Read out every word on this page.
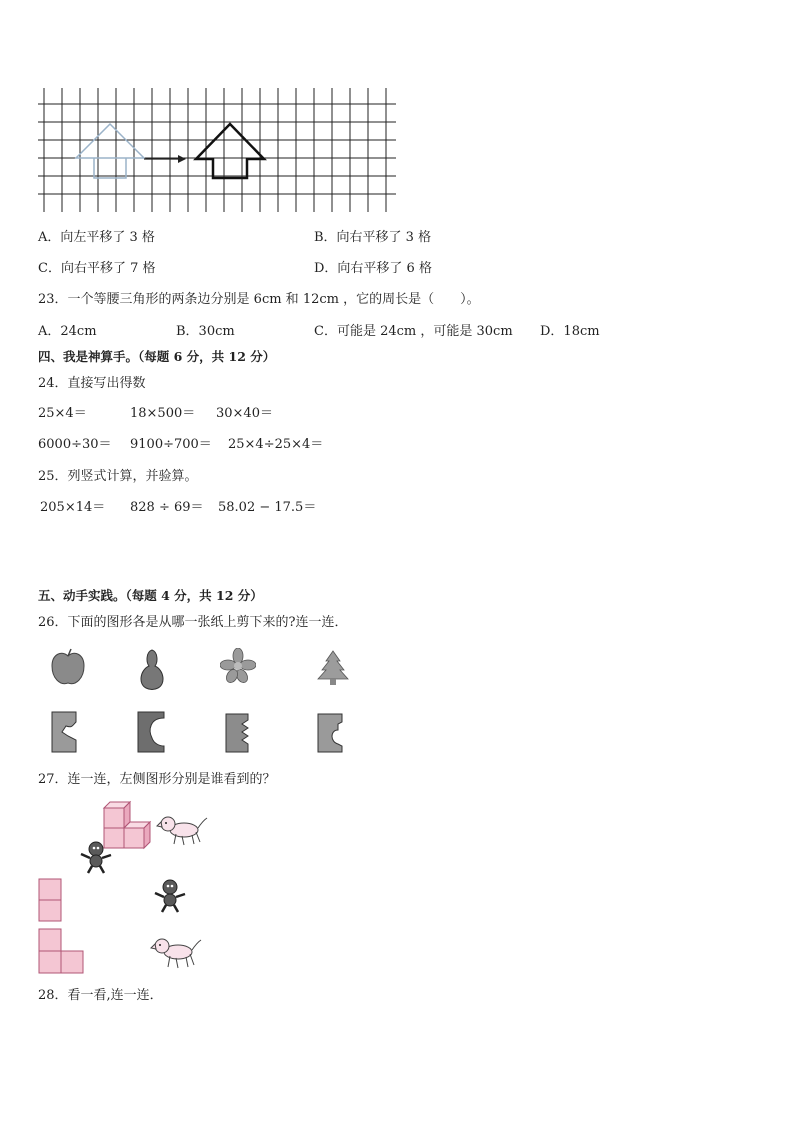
A．向左平移了 3 格	B．向右平移了 3 格
C．向右平移了 7 格	D．向右平移了 6 格
23．一个等腰三角形的两条边分别是 6cm 和 12cm ，它的周长是（　　）。
A．24cm	B．30cm	C．可能是 24cm ，可能是 30cm D．18cm
四、我是神算手。（每题 6 分，共 12 分）
24．直接写出得数
25×4＝	18×500＝ 30×40＝
6000÷30＝ 9100÷700＝ 25×4÷25×4＝
25．列竖式计算，并验算。
205×14＝ 828 ÷ 69＝ 58.02 − 17.5＝
五、动手实践。（每题 4 分，共 12 分）
26．下面的图形各是从哪一张纸上剪下来的?连一连．
27．连一连，左侧图形分别是谁看到的？
28．看一看,连一连．
